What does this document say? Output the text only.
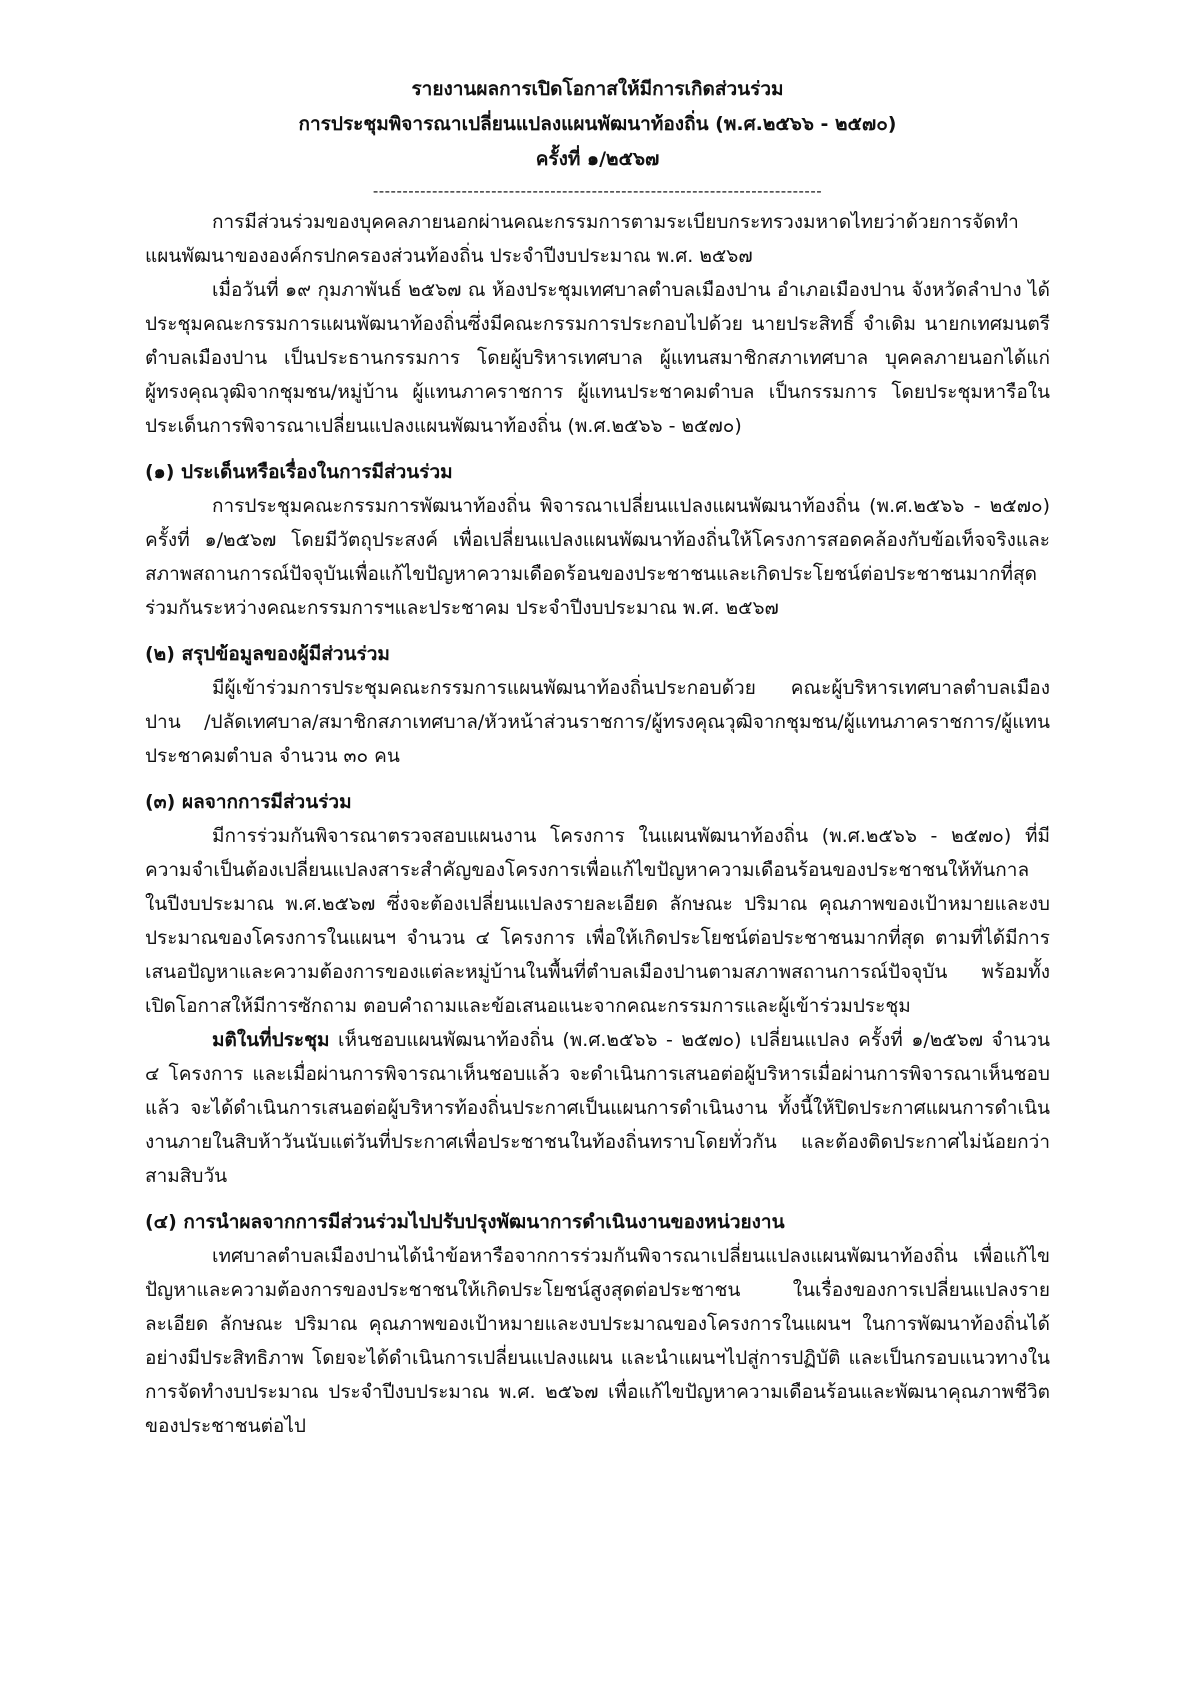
รายงานผลการเปิดโอกาสให้มีการเกิดส่วนร่วม
การประชุมพิจารณาเปลี่ยนแปลงแผนพัฒนาท้องถิ่น (พ.ศ.๒๕๖๖ - ๒๕๗๐)
ครั้งที่ ๑/๒๕๖๗
----------------------------------------------------------------------------

การมีส่วนร่วมของบุคคลภายนอกผ่านคณะกรรมการตามระเบียบกระทรวงมหาดไทยว่าด้วยการจัดทำแผนพัฒนาขององค์กรปกครองส่วนท้องถิ่น ประจำปีงบประมาณ พ.ศ. ๒๕๖๗

เมื่อวันที่ ๑๙ กุมภาพันธ์ ๒๕๖๗ ณ ห้องประชุมเทศบาลตำบลเมืองปาน อำเภอเมืองปาน จังหวัดลำปาง ได้ประชุมคณะกรรมการแผนพัฒนาท้องถิ่นซึ่งมีคณะกรรมการประกอบไปด้วย นายประสิทธิ์ จำเดิม นายกเทศมนตรีตำบลเมืองปาน เป็นประธานกรรมการ โดยผู้บริหารเทศบาล ผู้แทนสมาชิกสภาเทศบาล บุคคลภายนอกได้แก่ ผู้ทรงคุณวุฒิจากชุมชน/หมู่บ้าน ผู้แทนภาคราชการ ผู้แทนประชาคมตำบล เป็นกรรมการ โดยประชุมหารือในประเด็นการพิจารณาเปลี่ยนแปลงแผนพัฒนาท้องถิ่น (พ.ศ.๒๕๖๖ - ๒๕๗๐)

(๑) ประเด็นหรือเรื่องในการมีส่วนร่วม

การประชุมคณะกรรมการพัฒนาท้องถิ่น พิจารณาเปลี่ยนแปลงแผนพัฒนาท้องถิ่น (พ.ศ.๒๕๖๖ - ๒๕๗๐) ครั้งที่ ๑/๒๕๖๗ โดยมีวัตถุประสงค์ เพื่อเปลี่ยนแปลงแผนพัฒนาท้องถิ่นให้โครงการสอดคล้องกับข้อเท็จจริงและสภาพสถานการณ์ปัจจุบันเพื่อแก้ไขปัญหาความเดือดร้อนของประชาชนและเกิดประโยชน์ต่อประชาชนมากที่สุด ร่วมกันระหว่างคณะกรรมการฯและประชาคม ประจำปีงบประมาณ พ.ศ. ๒๕๖๗

(๒) สรุปข้อมูลของผู้มีส่วนร่วม

มีผู้เข้าร่วมการประชุมคณะกรรมการแผนพัฒนาท้องถิ่นประกอบด้วย คณะผู้บริหารเทศบาลตำบลเมืองปาน /ปลัดเทศบาล/สมาชิกสภาเทศบาล/หัวหน้าส่วนราชการ/ผู้ทรงคุณวุฒิจากชุมชน/ผู้แทนภาคราชการ/ผู้แทนประชาคมตำบล จำนวน ๓๐ คน

(๓) ผลจากการมีส่วนร่วม

มีการร่วมกันพิจารณาตรวจสอบแผนงาน โครงการ ในแผนพัฒนาท้องถิ่น (พ.ศ.๒๕๖๖ - ๒๕๗๐) ที่มีความจำเป็นต้องเปลี่ยนแปลงสาระสำคัญของโครงการเพื่อแก้ไขปัญหาความเดือนร้อนของประชาชนให้ทันกาลในปีงบประมาณ พ.ศ.๒๕๖๗ ซึ่งจะต้องเปลี่ยนแปลงรายละเอียด ลักษณะ ปริมาณ คุณภาพของเป้าหมายและงบประมาณของโครงการในแผนฯ จำนวน ๔ โครงการ เพื่อให้เกิดประโยชน์ต่อประชาชนมากที่สุด ตามที่ได้มีการเสนอปัญหาและความต้องการของแต่ละหมู่บ้านในพื้นที่ตำบลเมืองปานตามสภาพสถานการณ์ปัจจุบัน พร้อมทั้งเปิดโอกาสให้มีการซักถาม ตอบคำถามและข้อเสนอแนะจากคณะกรรมการและผู้เข้าร่วมประชุม

มติในที่ประชุม เห็นชอบแผนพัฒนาท้องถิ่น (พ.ศ.๒๕๖๖ - ๒๕๗๐) เปลี่ยนแปลง ครั้งที่ ๑/๒๕๖๗ จำนวน ๔ โครงการ และเมื่อผ่านการพิจารณาเห็นชอบแล้ว จะดำเนินการเสนอต่อผู้บริหารเมื่อผ่านการพิจารณาเห็นชอบแล้ว จะได้ดำเนินการเสนอต่อผู้บริหารท้องถิ่นประกาศเป็นแผนการดำเนินงาน ทั้งนี้ให้ปิดประกาศแผนการดำเนินงานภายในสิบห้าวันนับแต่วันที่ประกาศเพื่อประชาชนในท้องถิ่นทราบโดยทั่วกัน และต้องติดประกาศไม่น้อยกว่าสามสิบวัน

(๔) การนำผลจากการมีส่วนร่วมไปปรับปรุงพัฒนาการดำเนินงานของหน่วยงาน

เทศบาลตำบลเมืองปานได้นำข้อหารือจากการร่วมกันพิจารณาเปลี่ยนแปลงแผนพัฒนาท้องถิ่น เพื่อแก้ไขปัญหาและความต้องการของประชาชนให้เกิดประโยชน์สูงสุดต่อประชาชน ในเรื่องของการเปลี่ยนแปลงรายละเอียด ลักษณะ ปริมาณ คุณภาพของเป้าหมายและงบประมาณของโครงการในแผนฯ ในการพัฒนาท้องถิ่นได้อย่างมีประสิทธิภาพ โดยจะได้ดำเนินการเปลี่ยนแปลงแผน และนำแผนฯไปสู่การปฏิบัติ และเป็นกรอบแนวทางในการจัดทำงบประมาณ ประจำปีงบประมาณ พ.ศ. ๒๕๖๗ เพื่อแก้ไขปัญหาความเดือนร้อนและพัฒนาคุณภาพชีวิตของประชาชนต่อไป
